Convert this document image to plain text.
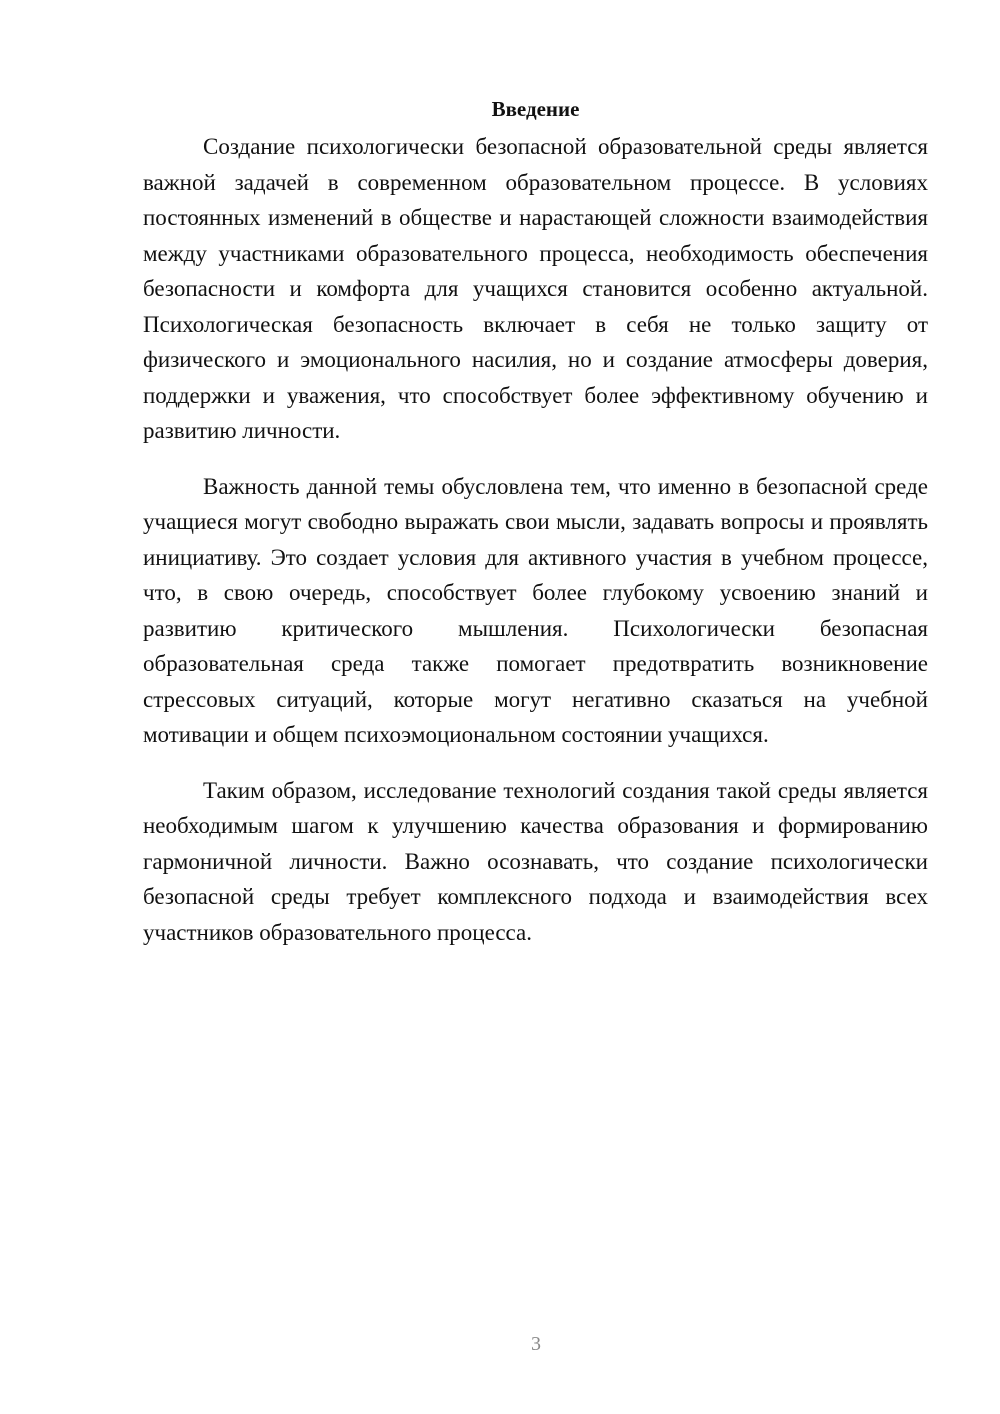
Введение

Создание психологически безопасной образовательной среды является важной задачей в современном образовательном процессе. В условиях постоянных изменений в обществе и нарастающей сложности взаимодействия между участниками образовательного процесса, необходимость обеспечения безопасности и комфорта для учащихся становится особенно актуальной. Психологическая безопасность включает в себя не только защиту от физического и эмоционального насилия, но и создание атмосферы доверия, поддержки и уважения, что способствует более эффективному обучению и развитию личности.

Важность данной темы обусловлена тем, что именно в безопасной среде учащиеся могут свободно выражать свои мысли, задавать вопросы и проявлять инициативу. Это создает условия для активного участия в учебном процессе, что, в свою очередь, способствует более глубокому усвоению знаний и развитию критического мышления. Психологически безопасная образовательная среда также помогает предотвратить возникновение стрессовых ситуаций, которые могут негативно сказаться на учебной мотивации и общем психоэмоциональном состоянии учащихся.

Таким образом, исследование технологий создания такой среды является необходимым шагом к улучшению качества образования и формированию гармоничной личности. Важно осознавать, что создание психологически безопасной среды требует комплексного подхода и взаимодействия всех участников образовательного процесса.

3
